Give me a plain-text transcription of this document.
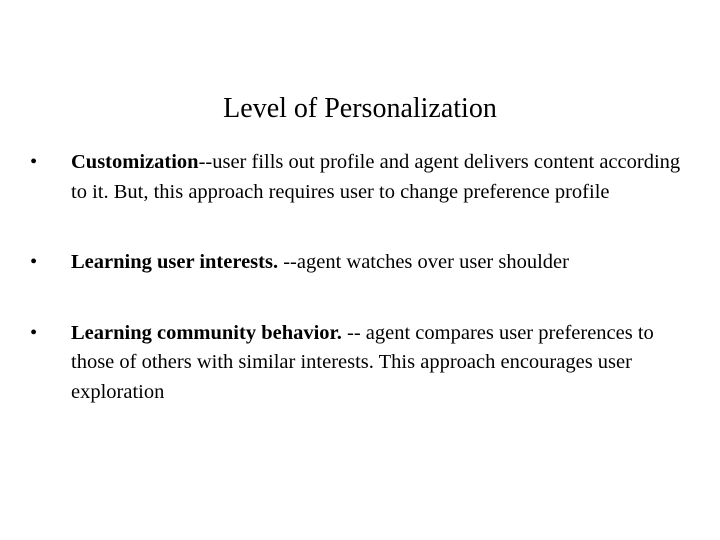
Level of Personalization
•	Customization--user fills out profile and agent delivers content according to it. But, this approach requires user to change preference profile
•	Learning user interests. --agent watches over user shoulder
•	Learning community behavior. -- agent compares user preferences to those of others with similar interests. This approach encourages user exploration
